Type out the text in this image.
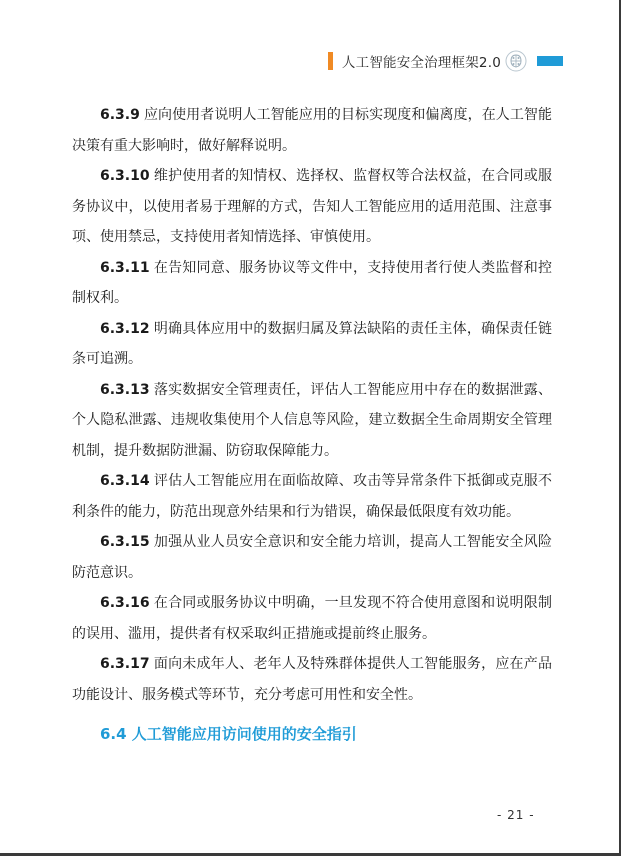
人工智能安全治理框架2.0

6.3.9 应向使用者说明人工智能应用的目标实现度和偏离度，在人工智能决策有重大影响时，做好解释说明。

6.3.10 维护使用者的知情权、选择权、监督权等合法权益，在合同或服务协议中，以使用者易于理解的方式，告知人工智能应用的适用范围、注意事项、使用禁忌，支持使用者知情选择、审慎使用。

6.3.11 在告知同意、服务协议等文件中，支持使用者行使人类监督和控制权利。

6.3.12 明确具体应用中的数据归属及算法缺陷的责任主体，确保责任链条可追溯。

6.3.13 落实数据安全管理责任，评估人工智能应用中存在的数据泄露、个人隐私泄露、违规收集使用个人信息等风险，建立数据全生命周期安全管理机制，提升数据防泄漏、防窃取保障能力。

6.3.14 评估人工智能应用在面临故障、攻击等异常条件下抵御或克服不利条件的能力，防范出现意外结果和行为错误，确保最低限度有效功能。

6.3.15 加强从业人员安全意识和安全能力培训，提高人工智能安全风险防范意识。

6.3.16 在合同或服务协议中明确，一旦发现不符合使用意图和说明限制的误用、滥用，提供者有权采取纠正措施或提前终止服务。

6.3.17 面向未成年人、老年人及特殊群体提供人工智能服务，应在产品功能设计、服务模式等环节，充分考虑可用性和安全性。

6.4 人工智能应用访问使用的安全指引
- 21 -
